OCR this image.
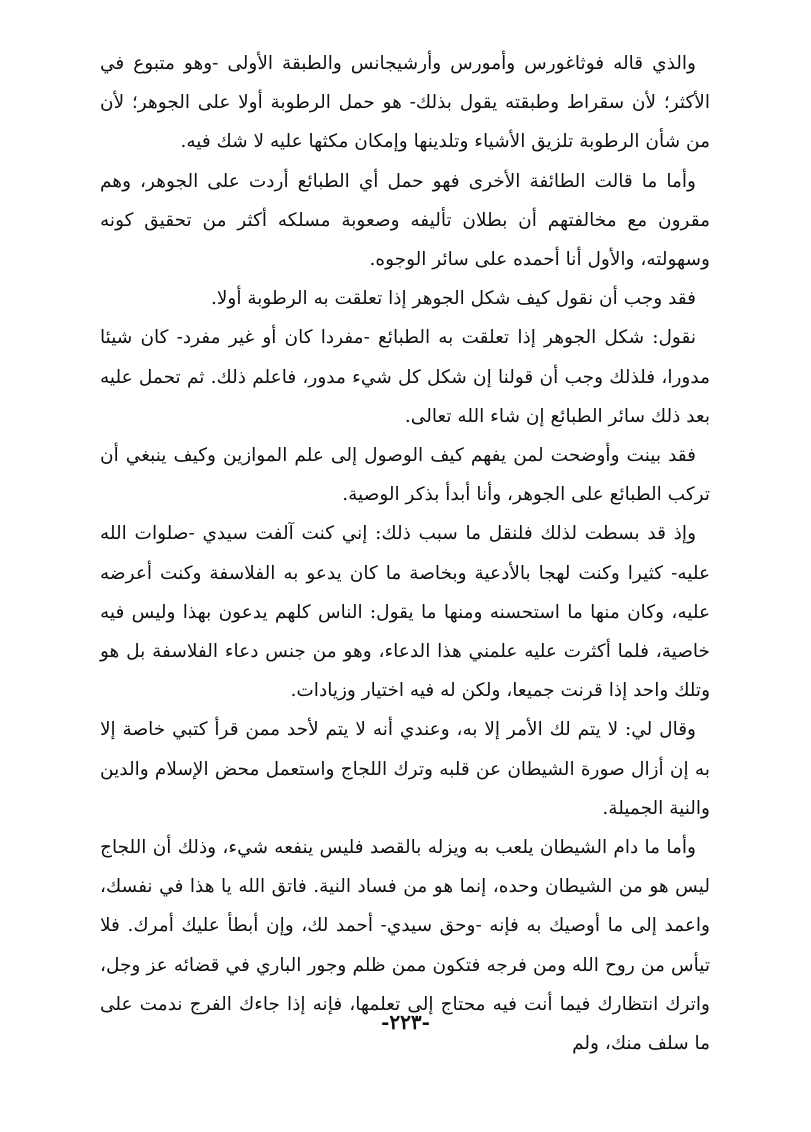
والذي قاله فوثاغورس وأمورس وأرشيجانس والطبقة الأولى -وهو متبوع في الأكثر؛ لأن سقراط وطبقته يقول بذلك- هو حمل الرطوبة أولا على الجوهر؛ لأن من شأن الرطوبة تلزيق الأشياء وتلدينها وإمكان مكثها عليه لا شك فيه.

وأما ما قالت الطائفة الأخرى فهو حمل أي الطبائع أردت على الجوهر، وهم مقرون مع مخالفتهم أن بطلان تأليفه وصعوبة مسلكه أكثر من تحقيق كونه وسهولته، والأول أنا أحمده على سائر الوجوه.

فقد وجب أن نقول كيف شكل الجوهر إذا تعلقت به الرطوبة أولا.

نقول: شكل الجوهر إذا تعلقت به الطبائع -مفردا كان أو غير مفرد- كان شيئا مدورا، فلذلك وجب أن قولنا إن شكل كل شيء مدور، فاعلم ذلك. ثم تحمل عليه بعد ذلك سائر الطبائع إن شاء الله تعالى.

فقد بينت وأوضحت لمن يفهم كيف الوصول إلى علم الموازين وكيف ينبغي أن تركب الطبائع على الجوهر، وأنا أبدأ بذكر الوصية.

وإذ قد بسطت لذلك فلنقل ما سبب ذلك: إني كنت آلفت سيدي -صلوات الله عليه- كثيرا وكنت لهجا بالأدعية وبخاصة ما كان يدعو به الفلاسفة وكنت أعرضه عليه، وكان منها ما استحسنه ومنها ما يقول: الناس كلهم يدعون بهذا وليس فيه خاصية، فلما أكثرت عليه علمني هذا الدعاء، وهو من جنس دعاء الفلاسفة بل هو وتلك واحد إذا قرنت جميعا، ولكن له فيه اختيار وزيادات.

وقال لي: لا يتم لك الأمر إلا به، وعندي أنه لا يتم لأحد ممن قرأ كتبي خاصة إلا به إن أزال صورة الشيطان عن قلبه وترك اللجاج واستعمل محض الإسلام والدين والنية الجميلة.

وأما ما دام الشيطان يلعب به ويزله بالقصد فليس ينفعه شيء، وذلك أن اللجاج ليس هو من الشيطان وحده، إنما هو من فساد النية. فاتق الله يا هذا في نفسك، واعمد إلى ما أوصيك به فإنه -وحق سيدي- أحمد لك، وإن أبطأ عليك أمرك. فلا تيأس من روح الله ومن فرجه فتكون ممن ظلم وجور الباري في قضائه عز وجل، واترك انتظارك فيما أنت فيه محتاج إلى تعلمها، فإنه إذا جاءك الفرج ندمت على ما سلف منك، ولم

-٢٢٣-
